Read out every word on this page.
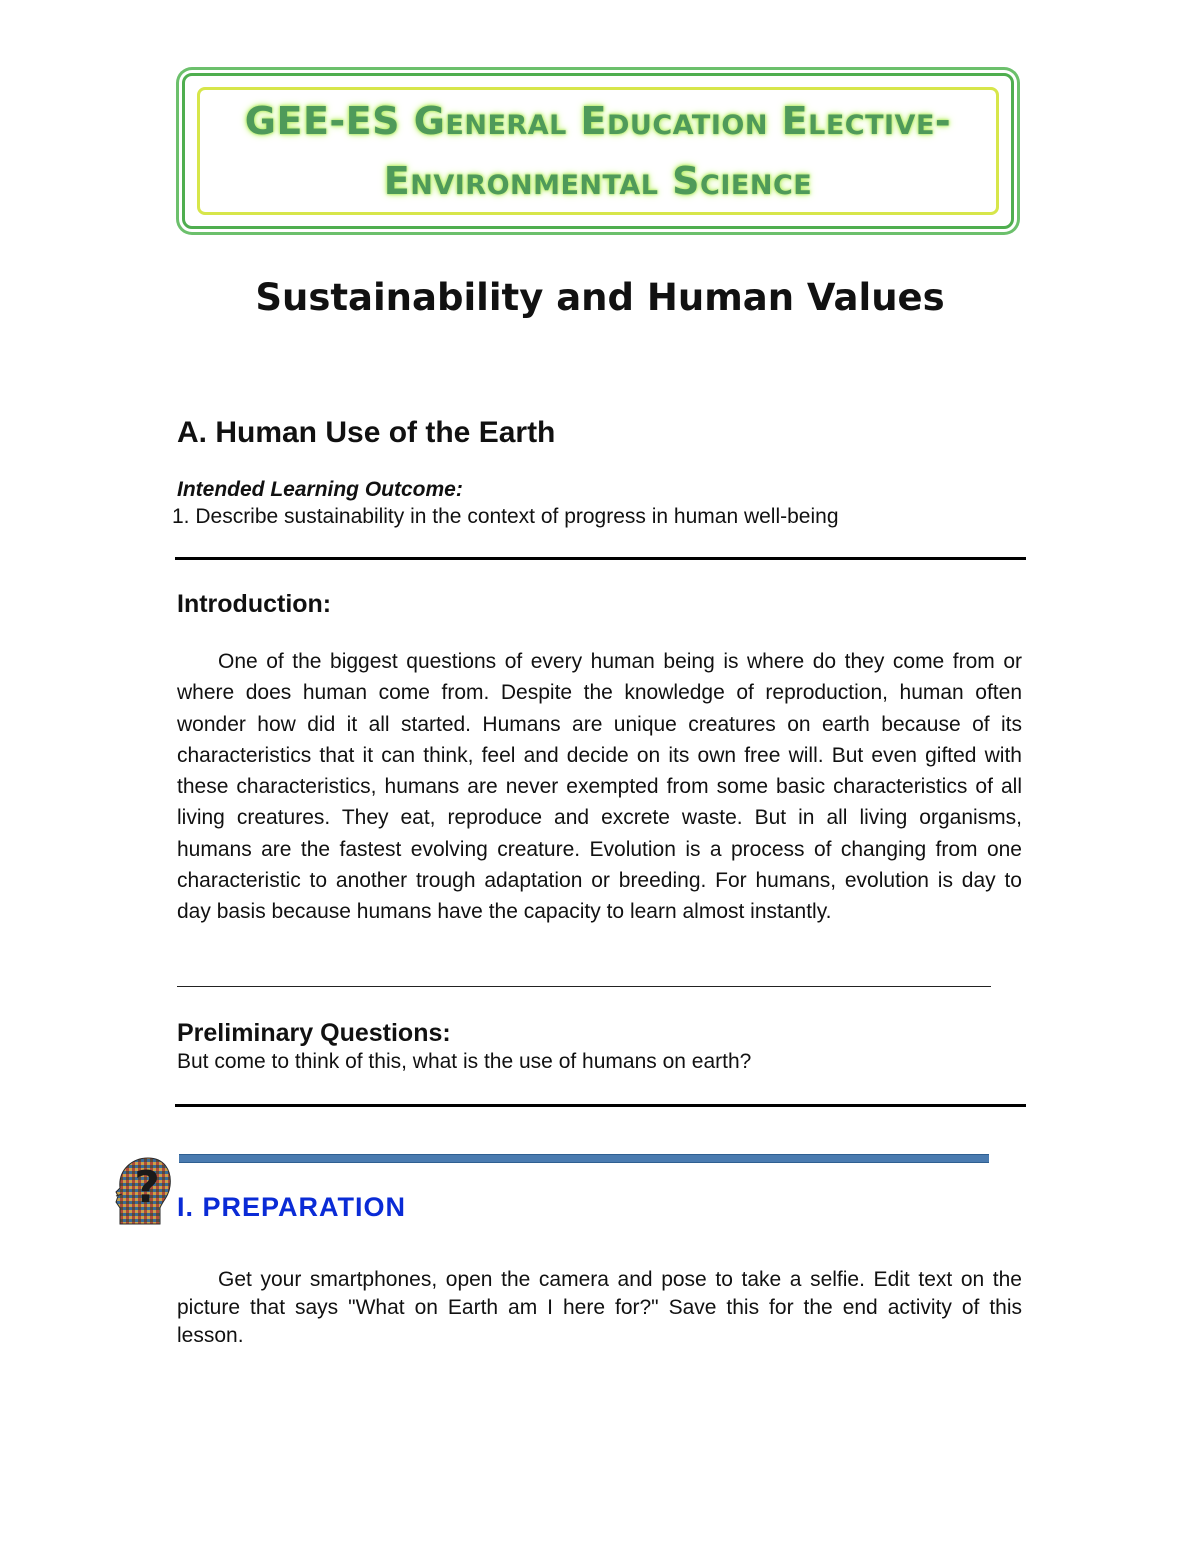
GEE-ES General Education Elective-
Environmental Science
Sustainability and Human Values
A. Human Use of the Earth
Intended Learning Outcome:
1. Describe sustainability in the context of progress in human well-being
Introduction:

One of the biggest questions of every human being is where do they come from or where does human come from. Despite the knowledge of reproduction, human often wonder how did it all started. Humans are unique creatures on earth because of its characteristics that it can think, feel and decide on its own free will. But even gifted with these characteristics, humans are never exempted from some basic characteristics of all living creatures. They eat, reproduce and excrete waste. But in all living organisms, humans are the fastest evolving creature. Evolution is a process of changing from one characteristic to another trough adaptation or breeding. For humans, evolution is day to day basis because humans have the capacity to learn almost instantly.

Preliminary Questions:
But come to think of this, what is the use of humans on earth?
? I. PREPARATION

Get your smartphones, open the camera and pose to take a selfie. Edit text on the picture that says "What on Earth am I here for?" Save this for the end activity of this lesson.
